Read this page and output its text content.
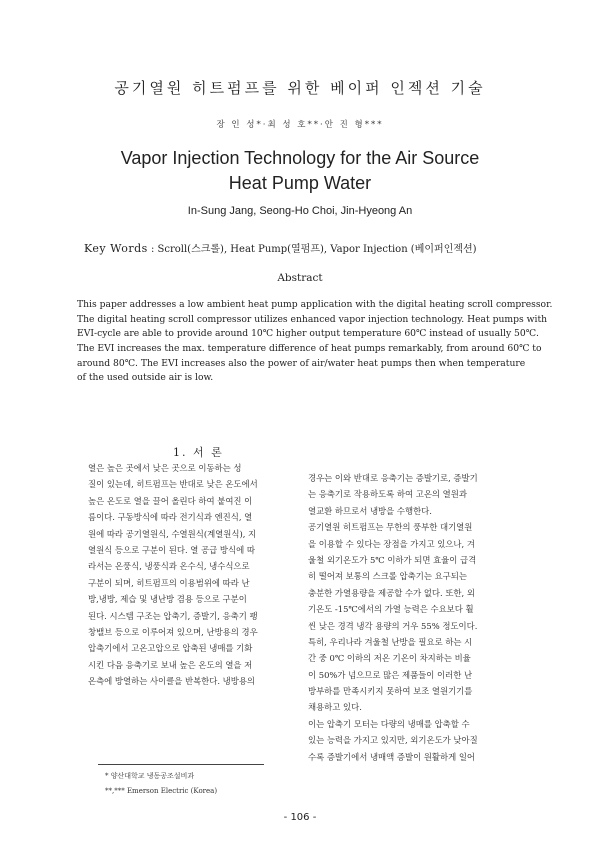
공기열원 히트펌프를 위한 베이퍼 인젝션 기술
장 인 성*·최 성 호**·안 진 형***
Vapor Injection Technology for the Air Source
Heat Pump Water
In-Sung Jang, Seong-Ho Choi, Jin-Hyeong An
Key Words : Scroll(스크롤), Heat Pump(열펌프), Vapor Injection (베이퍼인젝션)
Abstract
This paper addresses a low ambient heat pump application with the digital heating scroll compressor.
The digital heating scroll compressor utilizes enhanced vapor injection technology. Heat pumps with
EVI-cycle are able to provide around 10℃ higher output temperature 60℃ instead of usually 50℃.
The EVI increases the max. temperature difference of heat pumps remarkably, from around 60℃ to
around 80℃. The EVI increases also the power of air/water heat pumps then when temperature
of the used outside air is low.
1. 서 론
열은 높은 곳에서 낮은 곳으로 이동하는 성
질이 있는데, 히트펌프는 반대로 낮은 온도에서
높은 온도로 열을 끌어 올린다 하여 붙여진 이
름이다. 구동방식에 따라 전기식과 엔진식, 열
원에 따라 공기열원식, 수열원식(계열원식), 지
열원식 등으로 구분이 된다. 열 공급 방식에 따
라서는 온풍식, 냉풍식과 온수식, 냉수식으로
구분이 되며, 히트펌프의 이용범위에 따라 난
방,냉방, 제습 및 냉난방 겸용 등으로 구분이
된다. 시스템 구조는 압축기, 증발기, 응축기 팽
창밸브 등으로 이루어져 있으며, 난방용의 경우
압축기에서 고온고압으로 압축된 냉매를 기화
시킨 다음 응축기로 보내 높은 온도의 열을 저
온측에 방열하는 사이클을 반복한다. 냉방용의
경우는 이와 반대로 응축기는 증발기로, 증발기
는 응축기로 작용하도록 하여 고온의 열원과
열교환 하므로서 냉방을 수행한다.
공기열원 히트펌프는 무한의 풍부한 대기열원
을 이용할 수 있다는 장점을 가지고 있으나, 겨
울철 외기온도가 5℃ 이하가 되면 효율이 급격
히 떨어져 보통의 스크롤 압축기는 요구되는
충분한 가열용량을 제공할 수가 없다. 또한, 외
기온도 -15℃에서의 가열 능력은 수요보다 훨
씬 낮은 경격 냉각 용량의 거우 55% 정도이다.
특히, 우리나라 겨울철 난방을 필요로 하는 시
간 중 0℃ 이하의 저온 기온이 차지하는 비율
이 50%가 넘으므로 많은 제품들이 이러한 난
방부하를 만족시키지 못하여 보조 열원기기를
채용하고 있다.
이는 압축기 모터는 다량의 냉매를 압축할 수
있는 능력을 가지고 있지만, 외기온도가 낮아질
수록 증발기에서 냉매액 증발이 원활하게 일어
* 양산대학교 냉동공조설비과
**,*** Emerson Electric (Korea)
- 106 -
